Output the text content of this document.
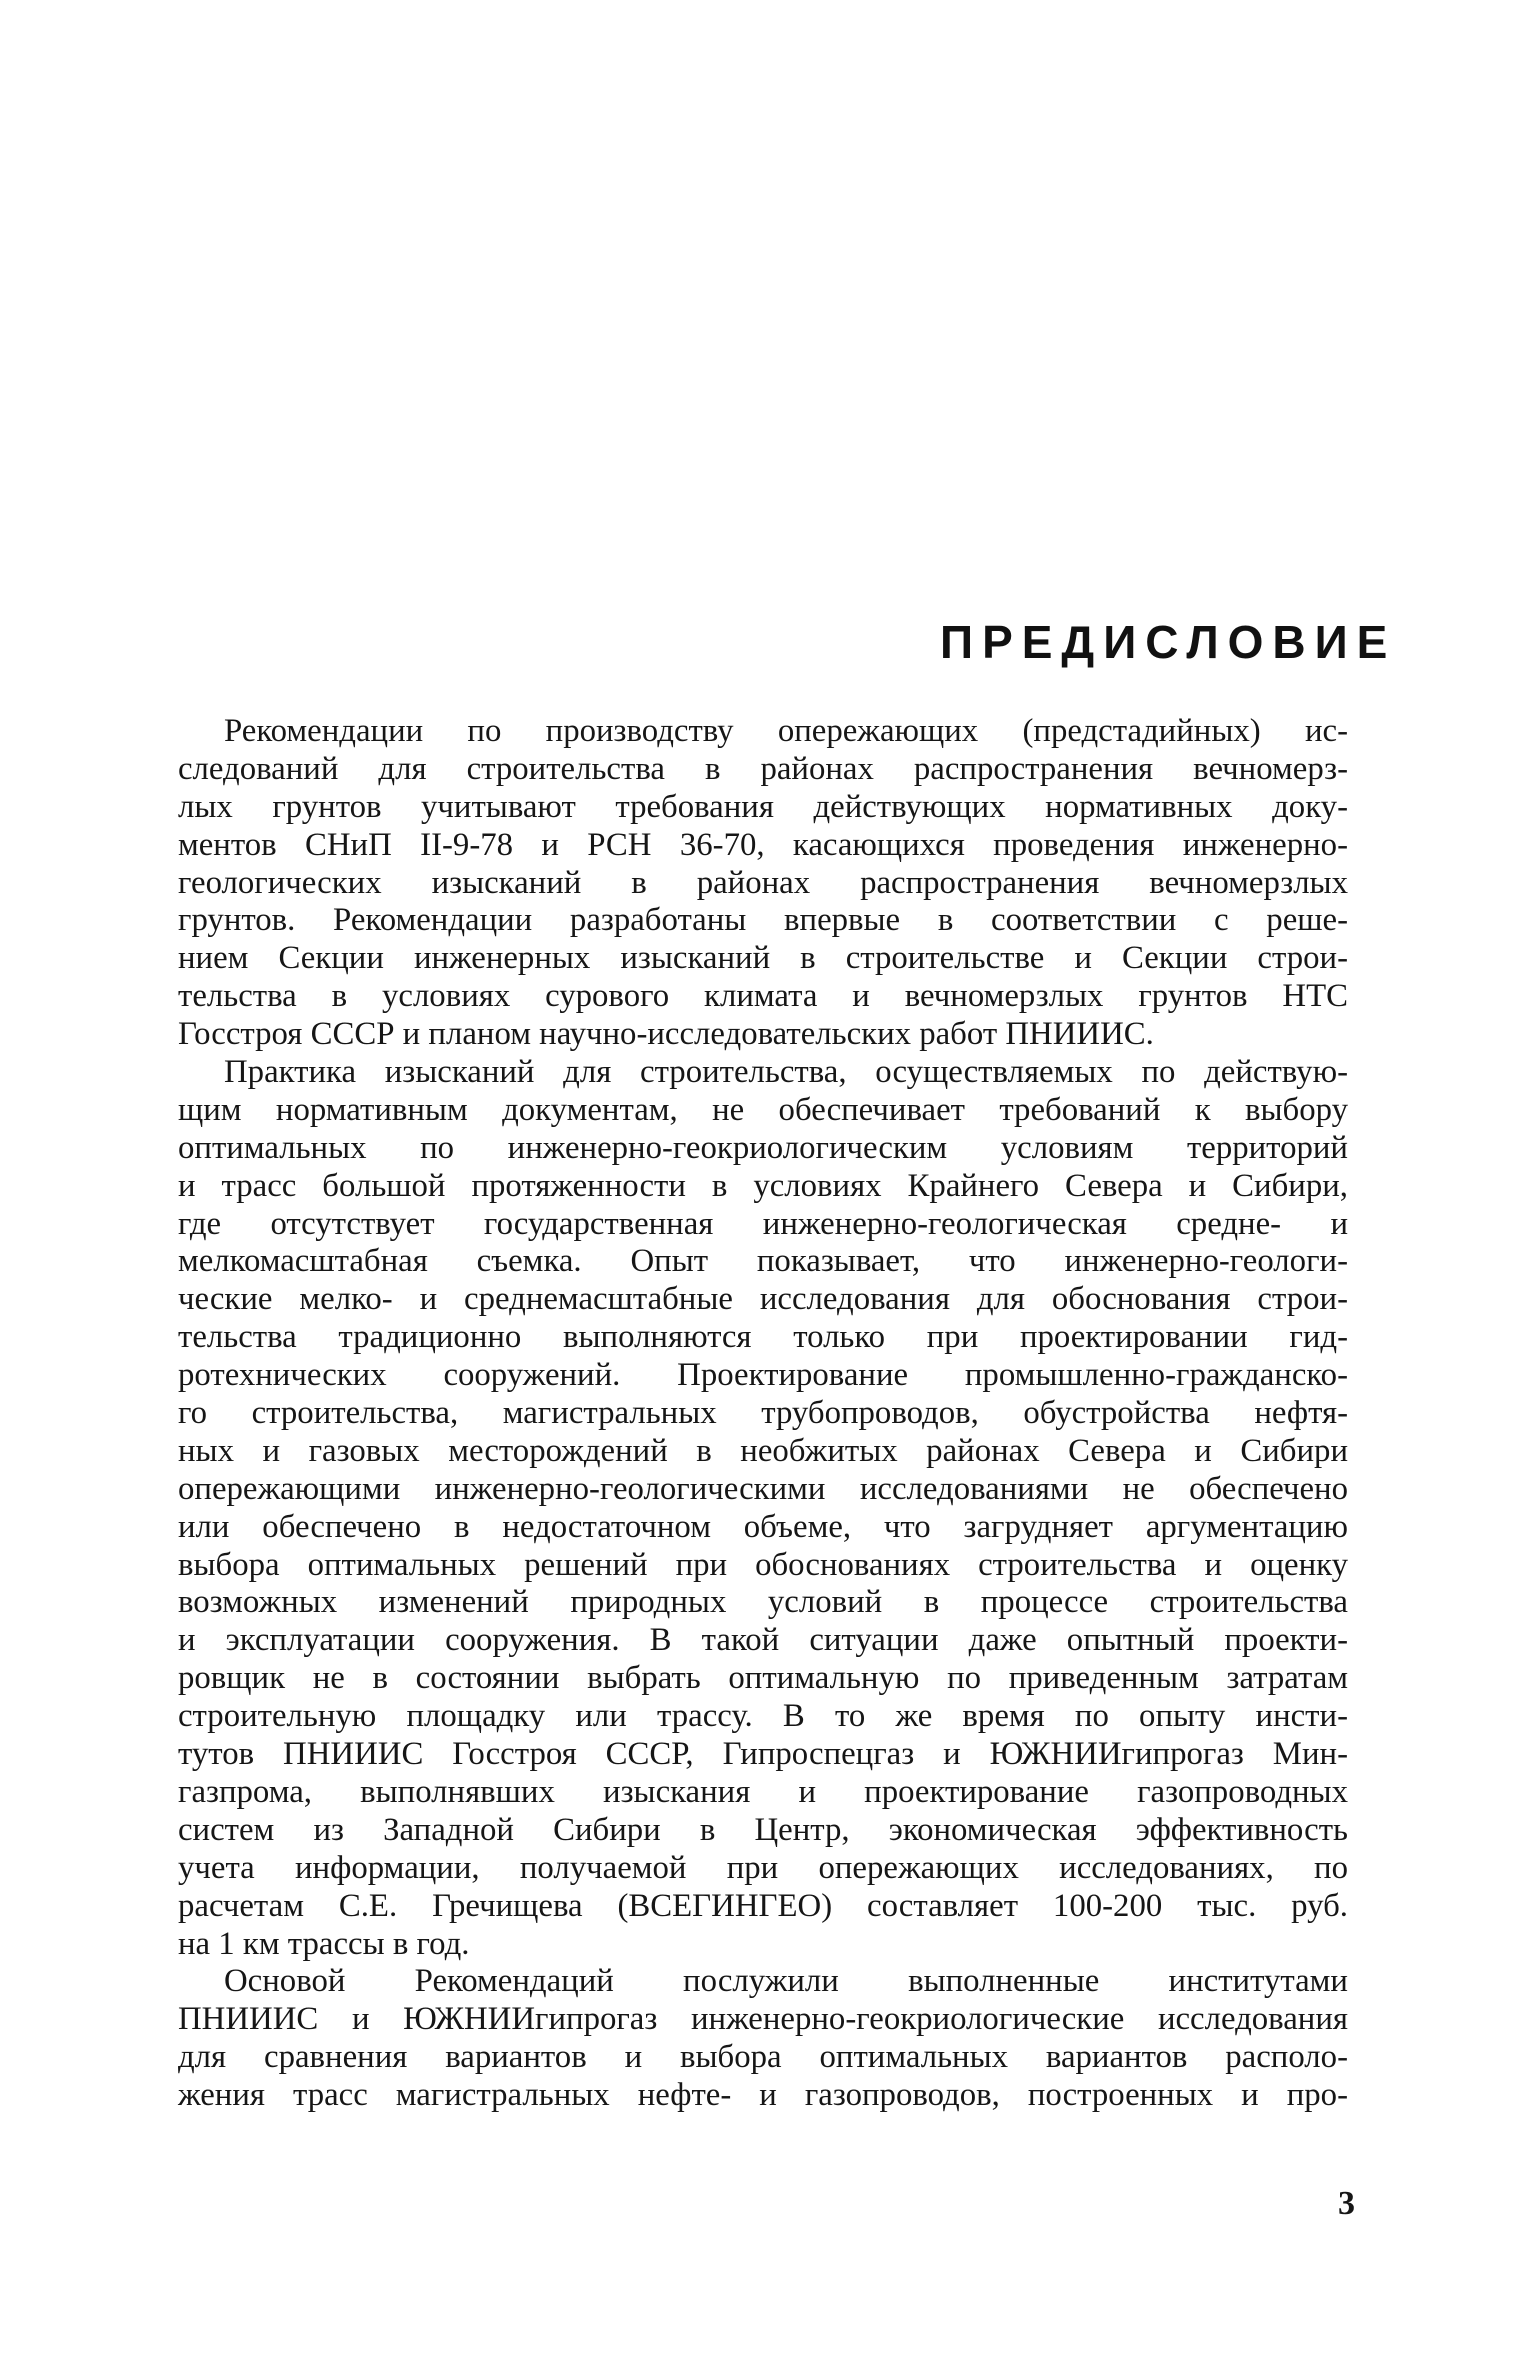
ПРЕДИСЛОВИЕ
Рекомендации по производству опережающих (предстадийных) ис-
следований для строительства в районах распространения вечномерз-
лых грунтов учитывают требования действующих нормативных доку-
ментов СНиП II-9-78 и РСН 36-70, касающихся проведения инженерно-
геологических изысканий в районах распространения вечномерзлых
грунтов. Рекомендации разработаны впервые в соответствии с реше-
нием Секции инженерных изысканий в строительстве и Секции строи-
тельства в условиях сурового климата и вечномерзлых грунтов НТС
Госстроя СССР и планом научно-исследовательских работ ПНИИИС.
Практика изысканий для строительства, осуществляемых по действую-
щим нормативным документам, не обеспечивает требований к выбору
оптимальных по инженерно-геокриологическим условиям территорий
и трасс большой протяженности в условиях Крайнего Севера и Сибири,
где отсутствует государственная инженерно-геологическая средне- и
мелкомасштабная съемка. Опыт показывает, что инженерно-геологи-
ческие мелко- и среднемасштабные исследования для обоснования строи-
тельства традиционно выполняются только при проектировании гид-
ротехнических сооружений. Проектирование промышленно-гражданско-
го строительства, магистральных трубопроводов, обустройства нефтя-
ных и газовых месторождений в необжитых районах Севера и Сибири
опережающими инженерно-геологическими исследованиями не обеспечено
или обеспечено в недостаточном объеме, что загрудняет аргументацию
выбора оптимальных решений при обоснованиях строительства и оценку
возможных изменений природных условий в процессе строительства
и эксплуатации сооружения. В такой ситуации даже опытный проекти-
ровщик не в состоянии выбрать оптимальную по приведенным затратам
строительную площадку или трассу. В то же время по опыту инсти-
тутов ПНИИИС Госстроя СССР, Гипроспецгаз и ЮЖНИИгипрогаз Мин-
газпрома, выполнявших изыскания и проектирование газопроводных
систем из Западной Сибири в Центр, экономическая эффективность
учета информации, получаемой при опережающих исследованиях, по
расчетам С.Е. Гречищева (ВСЕГИНГЕО) составляет 100-200 тыс. руб.
на 1 км трассы в год.
Основой Рекомендаций послужили выполненные институтами
ПНИИИС и ЮЖНИИгипрогаз инженерно-геокриологические исследования
для сравнения вариантов и выбора оптимальных вариантов располо-
жения трасс магистральных нефте- и газопроводов, построенных и про-
3
